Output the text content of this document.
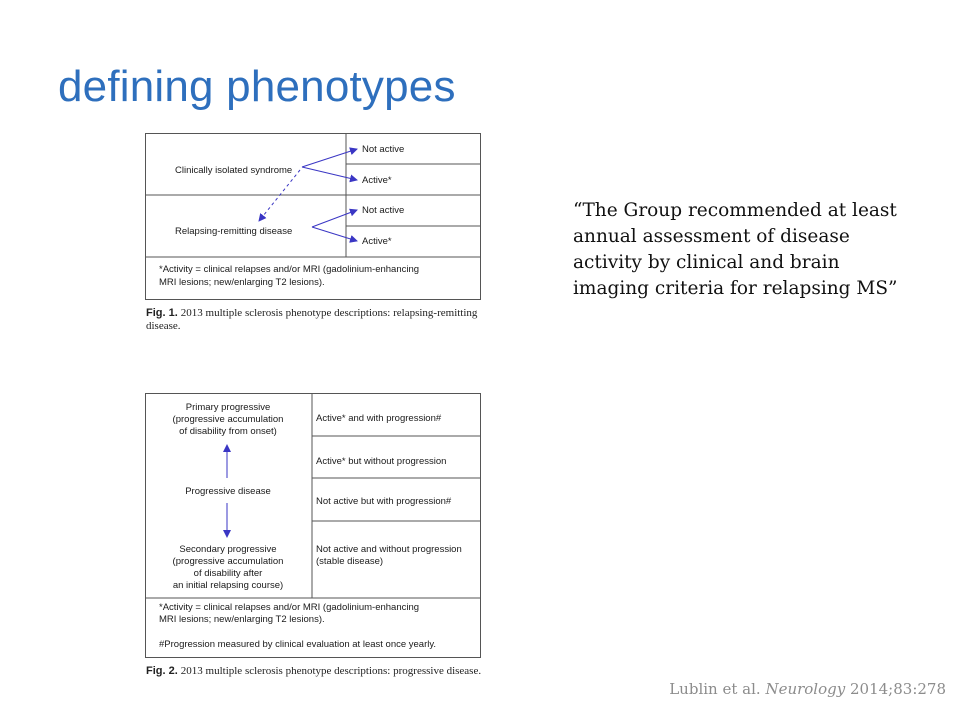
defining phenotypes
Clinically isolated syndrome
Relapsing-remitting disease
Not active
Active*
Not active
Active*
*Activity = clinical relapses and/or MRI (gadolinium-enhancing
MRI lesions; new/enlarging T2 lesions).

Fig. 1. 2013 multiple sclerosis phenotype descriptions: relapsing-remitting disease.

Primary progressive
(progressive accumulation
of disability from onset)
Progressive disease
Secondary progressive
(progressive accumulation
of disability after
an initial relapsing course)
Active* and with progression#
Active* but without progression
Not active but with progression#
Not active and without progression
(stable disease)
*Activity = clinical relapses and/or MRI (gadolinium-enhancing
MRI lesions; new/enlarging T2 lesions).
#Progression measured by clinical evaluation at least once yearly.

Fig. 2. 2013 multiple sclerosis phenotype descriptions: progressive disease.

“The Group recommended at least annual assessment of disease activity by clinical and brain imaging criteria for relapsing MS”

Lublin et al. Neurology 2014;83:278
